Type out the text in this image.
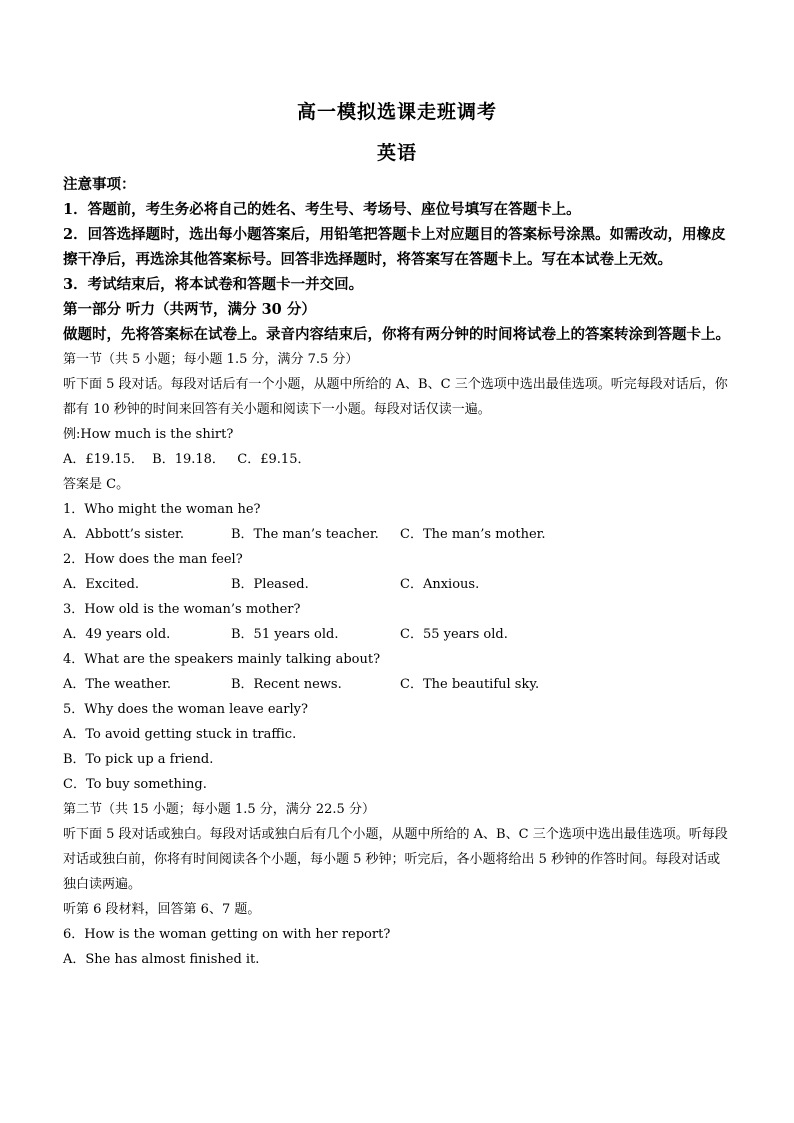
高一模拟选课走班调考
英语
注意事项：
1．答题前，考生务必将自己的姓名、考生号、考场号、座位号填写在答题卡上。
2．回答选择题时，选出每小题答案后，用铅笔把答题卡上对应题目的答案标号涂黑。如需改动，用橡皮擦干净后，再选涂其他答案标号。回答非选择题时，将答案写在答题卡上。写在本试卷上无效。
3．考试结束后，将本试卷和答题卡一并交回。
第一部分 听力（共两节，满分 30 分）
做题时，先将答案标在试卷上。录音内容结束后，你将有两分钟的时间将试卷上的答案转涂到答题卡上。
第一节（共 5 小题；每小题 1.5 分，满分 7.5 分）
听下面 5 段对话。每段对话后有一个小题，从题中所给的 A、B、C 三个选项中选出最佳选项。听完每段对话后，你都有 10 秒钟的时间来回答有关小题和阅读下一小题。每段对话仅读一遍。
例:How much is the shirt?
A．£19.15．  B．19.18．   C．£9.15．
答案是 C。
1．Who might the woman he?
A．Abbott’s sister.	B．The man’s teacher.	C．The man’s mother.
2．How does the man feel?
A．Excited.	B．Pleased.	C．Anxious.
3．How old is the woman’s mother?
A．49 years old.	B．51 years old.	C．55 years old.
4．What are the speakers mainly talking about?
A．The weather.	B．Recent news.	C．The beautiful sky.
5．Why does the woman leave early?
A．To avoid getting stuck in traffic.
B．To pick up a friend.
C．To buy something.
第二节（共 15 小题；每小题 1.5 分，满分 22.5 分）
听下面 5 段对话或独白。每段对话或独白后有几个小题，从题中所给的 A、B、C 三个选项中选出最佳选项。听每段对话或独白前，你将有时间阅读各个小题，每小题 5 秒钟；听完后，各小题将给出 5 秒钟的作答时间。每段对话或独白读两遍。
听第 6 段材料，回答第 6、7 题。
6．How is the woman getting on with her report?
A．She has almost finished it.
